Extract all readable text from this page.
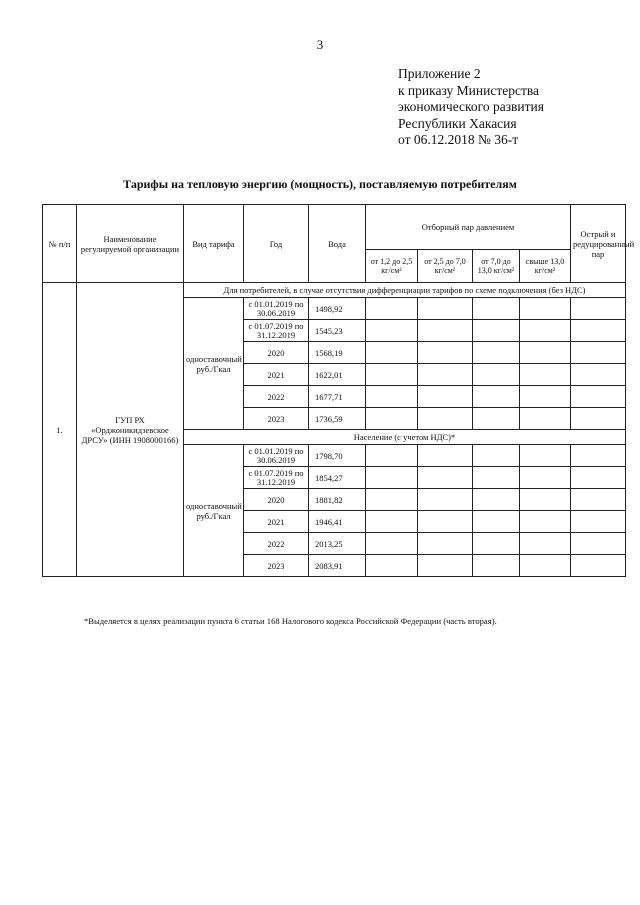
3
Приложение 2
к приказу Министерства
экономического развития
Республики Хакасия
от 06.12.2018 № 36-т
Тарифы на тепловую энергию (мощность), поставляемую потребителям
№ п/п	Наименование регулируемой организации	Вид тарифа	Год	Вода	Отборный пар давлением				Острый и редуцированный пар
					от 1,2 до 2,5 кг/см²	от 2,5 до 7,0 кг/см²	от 7,0 до 13,0 кг/см²	свыше 13,0 кг/см²	
1.	ГУП РХ «Орджоникидзевское ДРСУ» (ИНН 1908000166)	Для потребителей, в случае отсутствия дифференциации тарифов по схеме подключения (без НДС)							
		одноставочный руб./Гкал	с 01.01.2019 по 30.06.2019	1498,92					
			с 01.07.2019 по 31.12.2019	1545,23					
			2020	1568,19					
			2021	1622,01					
			2022	1677,71					
			2023	1736,59					
		Население (с учетом НДС)*							
		одноставочный руб./Гкал	с 01.01.2019 по 30.06.2019	1798,70					
			с 01.07.2019 по 31.12.2019	1854,27					
			2020	1881,82					
			2021	1946,41					
			2022	2013,25					
			2023	2083,91					
*Выделяется в целях реализации пункта 6 статьи 168 Налогового кодекса Российской Федерации (часть вторая).
